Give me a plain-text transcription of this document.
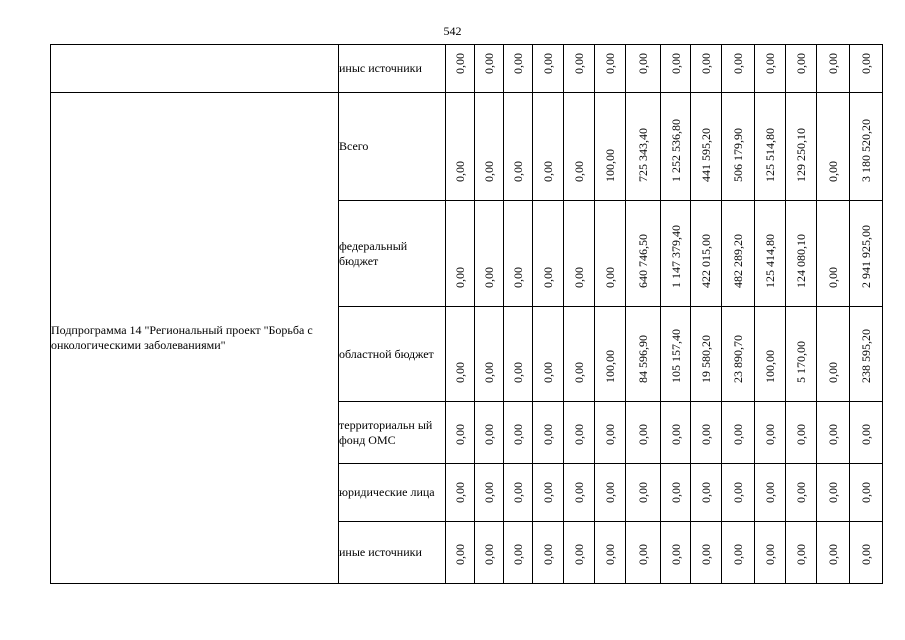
542
	иныс источники	0,00	0,00	0,00	0,00	0,00	0,00	0,00	0,00	0,00	0,00	0,00	0,00	0,00	0,00

Подпрограмма 14 "Региональный проект "Борьба с онкологическими заболеваниями"	Всего	0,00	0,00	0,00	0,00	0,00	100,00	725 343,40	1 252 536,80	441 595,20	506 179,90	125 514,80	129 250,10	0,00	3 180 520,20

	федеральный бюджет	0,00	0,00	0,00	0,00	0,00	0,00	640 746,50	1 147 379,40	422 015,00	482 289,20	125 414,80	124 080,10	0,00	2 941 925,00

	областной бюджет	0,00	0,00	0,00	0,00	0,00	100,00	84 596,90	105 157,40	19 580,20	23 890,70	100,00	5 170,00	0,00	238 595,20

	территориальн ый фонд ОМС	0,00	0,00	0,00	0,00	0,00	0,00	0,00	0,00	0,00	0,00	0,00	0,00	0,00	0,00

	юридические лица	0,00	0,00	0,00	0,00	0,00	0,00	0,00	0,00	0,00	0,00	0,00	0,00	0,00	0,00

	иные источники	0,00	0,00	0,00	0,00	0,00	0,00	0,00	0,00	0,00	0,00	0,00	0,00	0,00	0,00
